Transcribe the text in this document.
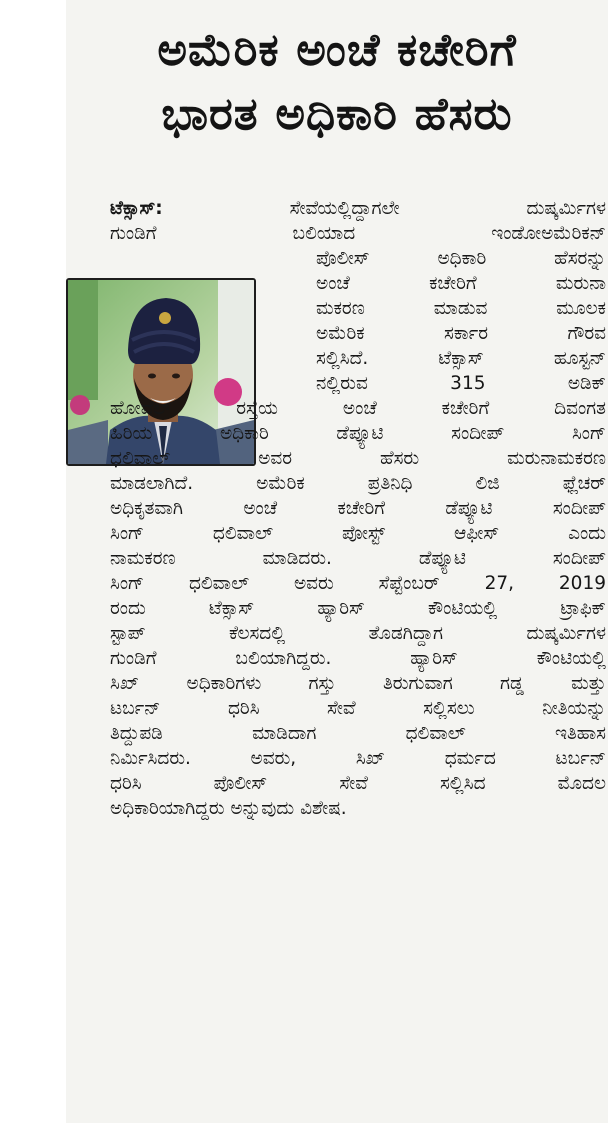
ಅಮೆರಿಕ ಅಂಚೆ ಕಚೇರಿಗೆ
ಭಾರತ ಅಧಿಕಾರಿ ಹೆಸರು
ಟೆಕ್ಸಾಸ್:	ಸೇವೆಯಲ್ಲಿದ್ದಾಗಲೇ ದುಷ್ಕರ್ಮಿಗಳ
ಗುಂಡಿಗೆ ಬಲಿಯಾದ ಇಂಡೋಅಮೆರಿಕನ್
ಪೊಲೀಸ್ ಅಧಿಕಾರಿ ಹೆಸರನ್ನು
ಅಂಚೆ ಕಚೇರಿಗೆ ಮರುನಾ
ಮಕರಣ ಮಾಡುವ ಮೂಲಕ
ಅಮೆರಿಕ ಸರ್ಕಾರ ಗೌರವ
ಸಲ್ಲಿಸಿದೆ. ಟೆಕ್ಸಾಸ್ ಹೂಸ್ಟನ್
ನಲ್ಲಿರುವ 315 ಅಡಿಕ್
ಹೋವೆಲ್ ರಸ್ತೆಯ ಅಂಚೆ ಕಚೇರಿಗೆ ದಿವಂಗತ
ಹಿರಿಯ ಅಧಿಕಾರಿ ಡೆಪ್ಯೂಟಿ ಸಂದೀಪ್ ಸಿಂಗ್
ಧಲಿವಾಲ್ ಅವರ ಹೆಸರು ಮರುನಾಮಕರಣ
ಮಾಡಲಾಗಿದೆ. ಅಮೆರಿಕ ಪ್ರತಿನಿಧಿ ಲಿಜಿ ಫ್ಲೆಚರ್
ಅಧಿಕೃತವಾಗಿ ಅಂಚೆ ಕಚೇರಿಗೆ ಡೆಪ್ಯೂಟಿ ಸಂದೀಪ್
ಸಿಂಗ್ ಧಲಿವಾಲ್ ಪೋಸ್ಟ್ ಆಫೀಸ್ ಎಂದು
ನಾಮಕರಣ ಮಾಡಿದರು. ಡೆಪ್ಯೂಟಿ ಸಂದೀಪ್
ಸಿಂಗ್ ಧಲಿವಾಲ್ ಅವರು ಸೆಪ್ಟೆಂಬರ್ 27, 2019
ರಂದು ಟೆಕ್ಸಾಸ್ ಹ್ಯಾರಿಸ್ ಕೌಂಟಿಯಲ್ಲಿ ಟ್ರಾಫಿಕ್
ಸ್ಟಾಪ್ ಕೆಲಸದಲ್ಲಿ ತೊಡಗಿದ್ದಾಗ ದುಷ್ಕರ್ಮಿಗಳ
ಗುಂಡಿಗೆ ಬಲಿಯಾಗಿದ್ದರು. ಹ್ಯಾರಿಸ್ ಕೌಂಟಿಯಲ್ಲಿ
ಸಿಖ್ ಅಧಿಕಾರಿಗಳು ಗಸ್ತು ತಿರುಗುವಾಗ ಗಡ್ಡ ಮತ್ತು
ಟರ್ಬನ್ ಧರಿಸಿ ಸೇವೆ ಸಲ್ಲಿಸಲು ನೀತಿಯನ್ನು
ತಿದ್ದುಪಡಿ ಮಾಡಿದಾಗ ಧಲಿವಾಲ್ ಇತಿಹಾಸ
ನಿರ್ಮಿಸಿದರು. ಅವರು, ಸಿಖ್ ಧರ್ಮದ ಟರ್ಬನ್
ಧರಿಸಿ ಪೊಲೀಸ್ ಸೇವೆ ಸಲ್ಲಿಸಿದ ಮೊದಲ
ಅಧಿಕಾರಿಯಾಗಿದ್ದರು ಅನ್ನುವುದು ವಿಶೇಷ.
